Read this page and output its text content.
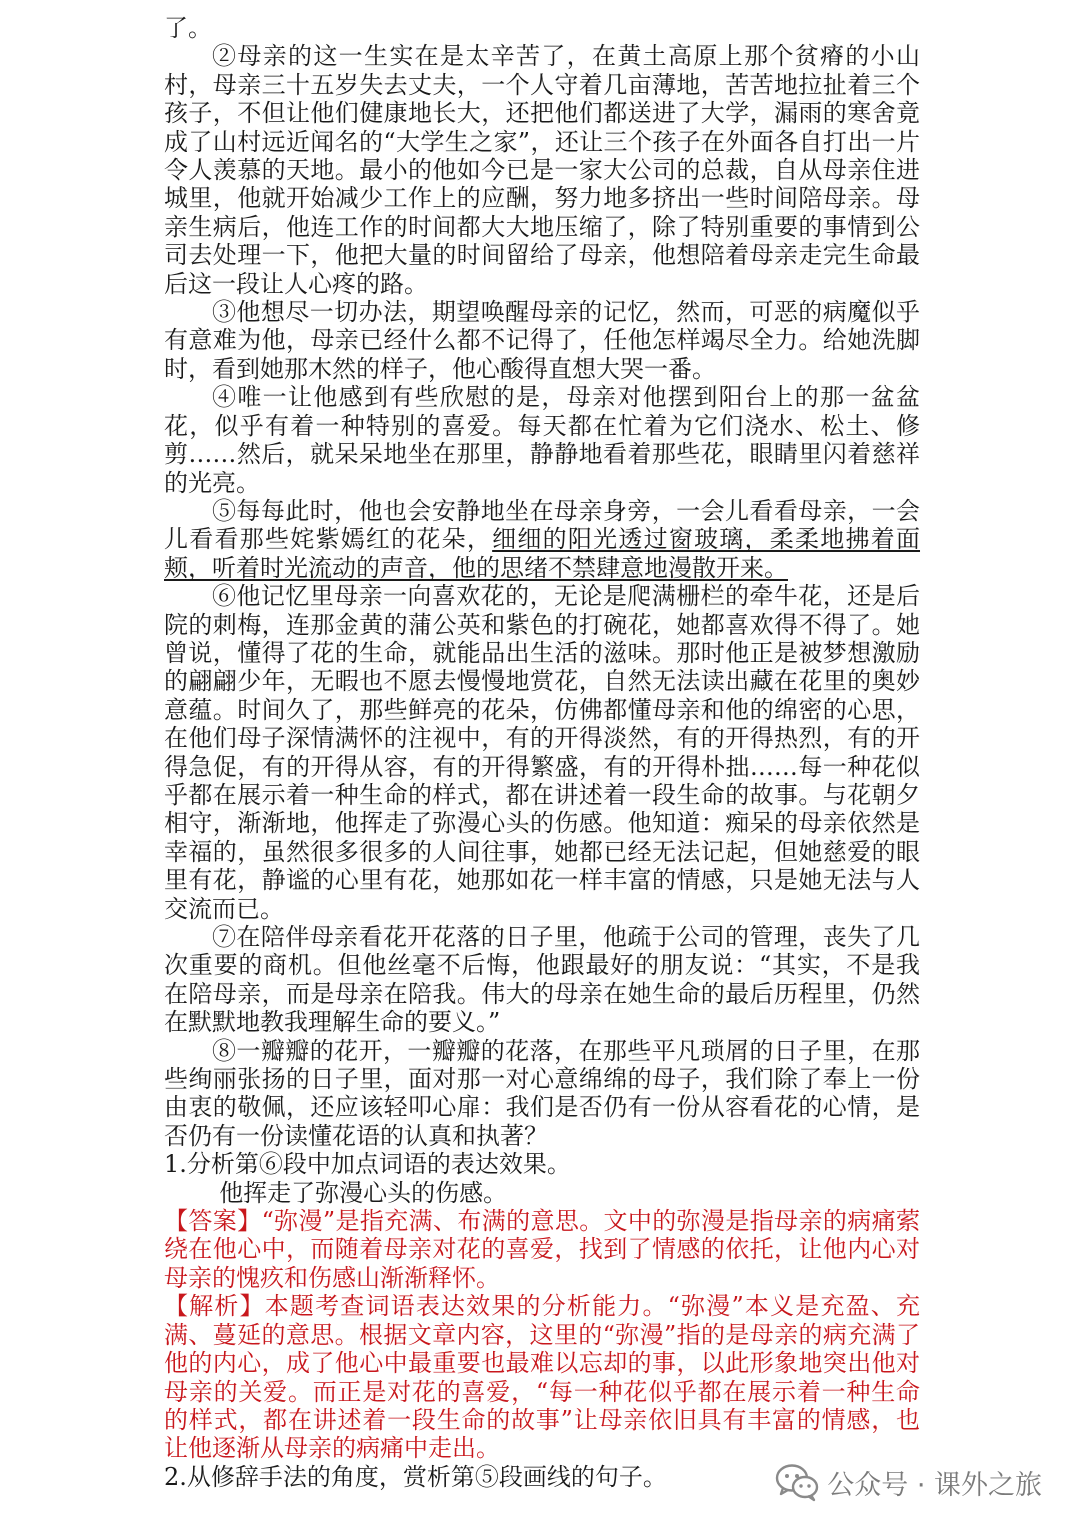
了。

②母亲的这一生实在是太辛苦了，在黄土高原上那个贫瘠的小山村，母亲三十五岁失去丈夫，一个人守着几亩薄地，苦苦地拉扯着三个孩子，不但让他们健康地长大，还把他们都送进了大学，漏雨的寒舍竟成了山村远近闻名的“大学生之家”，还让三个孩子在外面各自打出一片令人羡慕的天地。最小的他如今已是一家大公司的总裁，自从母亲住进城里，他就开始减少工作上的应酬，努力地多挤出一些时间陪母亲。母亲生病后，他连工作的时间都大大地压缩了，除了特别重要的事情到公司去处理一下，他把大量的时间留给了母亲，他想陪着母亲走完生命最后这一段让人心疼的路。

③他想尽一切办法，期望唤醒母亲的记忆，然而，可恶的病魔似乎有意难为他，母亲已经什么都不记得了，任他怎样竭尽全力。给她洗脚时，看到她那木然的样子，他心酸得直想大哭一番。

④唯一让他感到有些欣慰的是，母亲对他摆到阳台上的那一盆盆花，似乎有着一种特别的喜爱。每天都在忙着为它们浇水、松土、修剪……然后，就呆呆地坐在那里，静静地看着那些花，眼睛里闪着慈祥的光亮。

⑤每每此时，他也会安静地坐在母亲身旁，一会儿看看母亲，一会儿看看那些姹紫嫣红的花朵，细细的阳光透过窗玻璃，柔柔地拂着面颊，听着时光流动的声音，他的思绪不禁肆意地漫散开来。

⑥他记忆里母亲一向喜欢花的，无论是爬满栅栏的牵牛花，还是后院的刺梅，连那金黄的蒲公英和紫色的打碗花，她都喜欢得不得了。她曾说，懂得了花的生命，就能品出生活的滋味。那时他正是被梦想激励的翩翩少年，无暇也不愿去慢慢地赏花，自然无法读出藏在花里的奥妙意蕴。时间久了，那些鲜亮的花朵，仿佛都懂母亲和他的绵密的心思，在他们母子深情满怀的注视中，有的开得淡然，有的开得热烈，有的开得急促，有的开得从容，有的开得繁盛，有的开得朴拙……每一种花似乎都在展示着一种生命的样式，都在讲述着一段生命的故事。与花朝夕相守，渐渐地，他挥走了弥漫心头的伤感。他知道：痴呆的母亲依然是幸福的，虽然很多很多的人间往事，她都已经无法记起，但她慈爱的眼里有花，静谧的心里有花，她那如花一样丰富的情感，只是她无法与人交流而已。

⑦在陪伴母亲看花开花落的日子里，他疏于公司的管理，丧失了几次重要的商机。但他丝毫不后悔，他跟最好的朋友说：“其实，不是我在陪母亲，而是母亲在陪我。伟大的母亲在她生命的最后历程里，仍然在默默地教我理解生命的要义。”

⑧一瓣瓣的花开，一瓣瓣的花落，在那些平凡琐屑的日子里，在那些绚丽张扬的日子里，面对那一对心意绵绵的母子，我们除了奉上一份由衷的敬佩，还应该轻叩心扉：我们是否仍有一份从容看花的心情，是否仍有一份读懂花语的认真和执著？

1.分析第⑥段中加点词语的表达效果。

他挥走了弥漫心头的伤感。

【答案】“弥漫”是指充满、布满的意思。文中的弥漫是指母亲的病痛萦绕在他心中，而随着母亲对花的喜爱，找到了情感的依托，让他内心对母亲的愧疚和伤感山渐渐释怀。

【解析】本题考查词语表达效果的分析能力。“弥漫”本义是充盈、充满、蔓延的意思。根据文章内容，这里的“弥漫”指的是母亲的病充满了他的内心，成了他心中最重要也最难以忘却的事，以此形象地突出他对母亲的关爱。而正是对花的喜爱，“每一种花似乎都在展示着一种生命的样式，都在讲述着一段生命的故事”让母亲依旧具有丰富的情感，也让他逐渐从母亲的病痛中走出。

2.从修辞手法的角度，赏析第⑤段画线的句子。	公众号 · 课外之旅
